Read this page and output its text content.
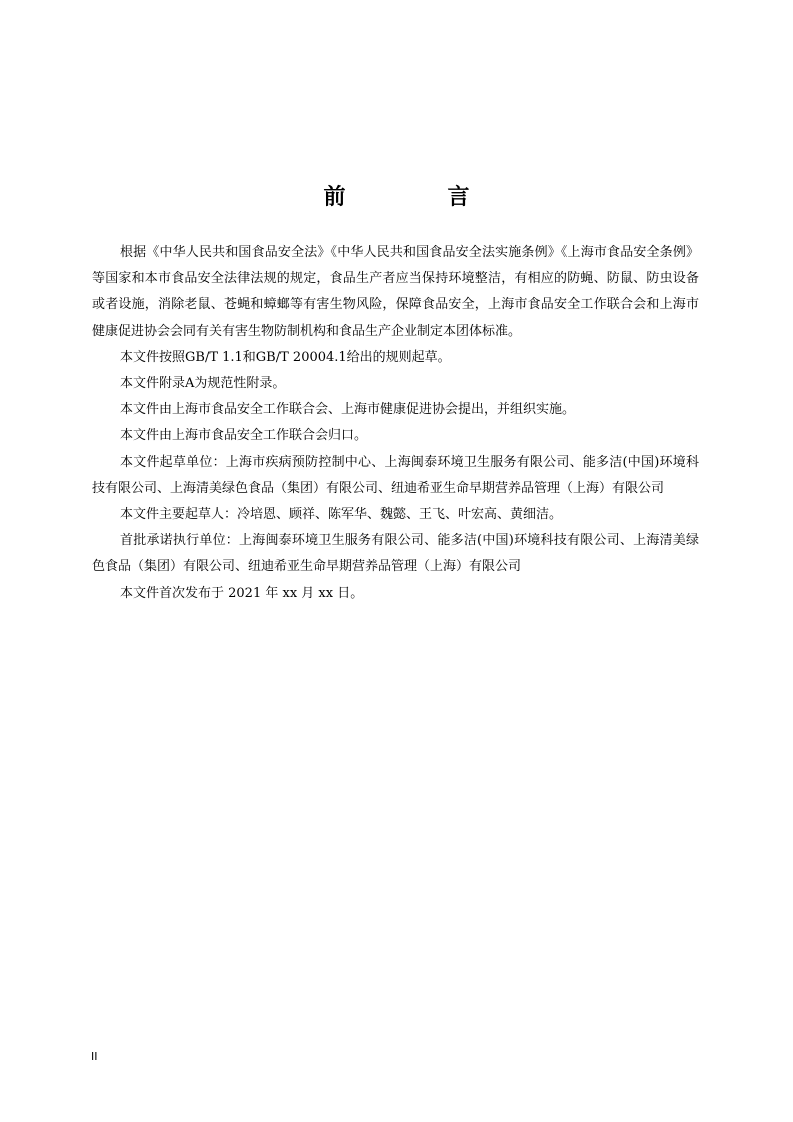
前　言

根据《中华人民共和国食品安全法》《中华人民共和国食品安全法实施条例》《上海市食品安全条例》等国家和本市食品安全法律法规的规定，食品生产者应当保持环境整洁，有相应的防蝇、防鼠、防虫设备或者设施，消除老鼠、苍蝇和蟑螂等有害生物风险，保障食品安全，上海市食品安全工作联合会和上海市健康促进协会会同有关有害生物防制机构和食品生产企业制定本团体标准。

本文件按照GB/T 1.1和GB/T 20004.1给出的规则起草。

本文件附录A为规范性附录。

本文件由上海市食品安全工作联合会、上海市健康促进协会提出，并组织实施。

本文件由上海市食品安全工作联合会归口。

本文件起草单位：上海市疾病预防控制中心、上海闽泰环境卫生服务有限公司、能多洁(中国)环境科技有限公司、上海清美绿色食品（集团）有限公司、纽迪希亚生命早期营养品管理（上海）有限公司

本文件主要起草人：冷培恩、顾祥、陈军华、魏懿、王飞、叶宏高、黄细洁。

首批承诺执行单位：上海闽泰环境卫生服务有限公司、能多洁(中国)环境科技有限公司、上海清美绿色食品（集团）有限公司、纽迪希亚生命早期营养品管理（上海）有限公司

本文件首次发布于 2021 年 xx 月 xx 日。

II
